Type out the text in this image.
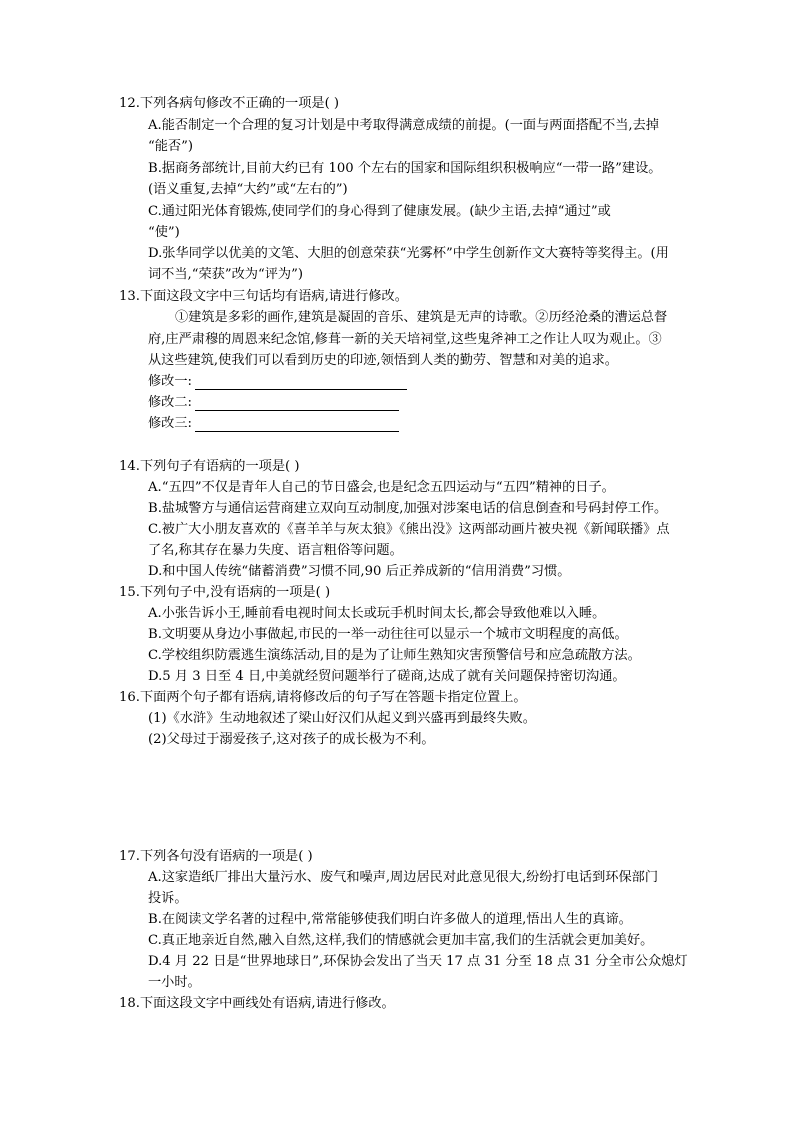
12.下列各病句修改不正确的一项是( )
A.能否制定一个合理的复习计划是中考取得满意成绩的前提。(一面与两面搭配不当,去掉
“能否”)
B.据商务部统计,目前大约已有 100 个左右的国家和国际组织积极响应“一带一路”建设。
(语义重复,去掉“大约”或“左右的”)
C.通过阳光体育锻炼,使同学们的身心得到了健康发展。(缺少主语,去掉“通过”或
“使”)
D.张华同学以优美的文笔、大胆的创意荣获“光雾杯”中学生创新作文大赛特等奖得主。(用
词不当,“荣获”改为“评为”)
13.下面这段文字中三句话均有语病,请进行修改。
①建筑是多彩的画作,建筑是凝固的音乐、建筑是无声的诗歌。②历经沧桑的漕运总督
府,庄严肃穆的周恩来纪念馆,修葺一新的关天培祠堂,这些鬼斧神工之作让人叹为观止。③
从这些建筑,使我们可以看到历史的印迹,领悟到人类的勤劳、智慧和对美的追求。
修改一:
修改二:
修改三:
14.下列句子有语病的一项是( )
A.“五四”不仅是青年人自己的节日盛会,也是纪念五四运动与“五四”精神的日子。
B.盐城警方与通信运营商建立双向互动制度,加强对涉案电话的信息倒查和号码封停工作。
C.被广大小朋友喜欢的《喜羊羊与灰太狼》《熊出没》这两部动画片被央视《新闻联播》点
了名,称其存在暴力失度、语言粗俗等问题。
D.和中国人传统“储蓄消费”习惯不同,90 后正养成新的“信用消费”习惯。
15.下列句子中,没有语病的一项是( )
A.小张告诉小王,睡前看电视时间太长或玩手机时间太长,都会导致他难以入睡。
B.文明要从身边小事做起,市民的一举一动往往可以显示一个城市文明程度的高低。
C.学校组织防震逃生演练活动,目的是为了让师生熟知灾害预警信号和应急疏散方法。
D.5 月 3 日至 4 日,中美就经贸问题举行了磋商,达成了就有关问题保持密切沟通。
16.下面两个句子都有语病,请将修改后的句子写在答题卡指定位置上。
(1)《水浒》生动地叙述了梁山好汉们从起义到兴盛再到最终失败。
(2)父母过于溺爱孩子,这对孩子的成长极为不利。
17.下列各句没有语病的一项是( )
A.这家造纸厂排出大量污水、废气和噪声,周边居民对此意见很大,纷纷打电话到环保部门
投诉。
B.在阅读文学名著的过程中,常常能够使我们明白许多做人的道理,悟出人生的真谛。
C.真正地亲近自然,融入自然,这样,我们的情感就会更加丰富,我们的生活就会更加美好。
D.4 月 22 日是“世界地球日”,环保协会发出了当天 17 点 31 分至 18 点 31 分全市公众熄灯
一小时。
18.下面这段文字中画线处有语病,请进行修改。
